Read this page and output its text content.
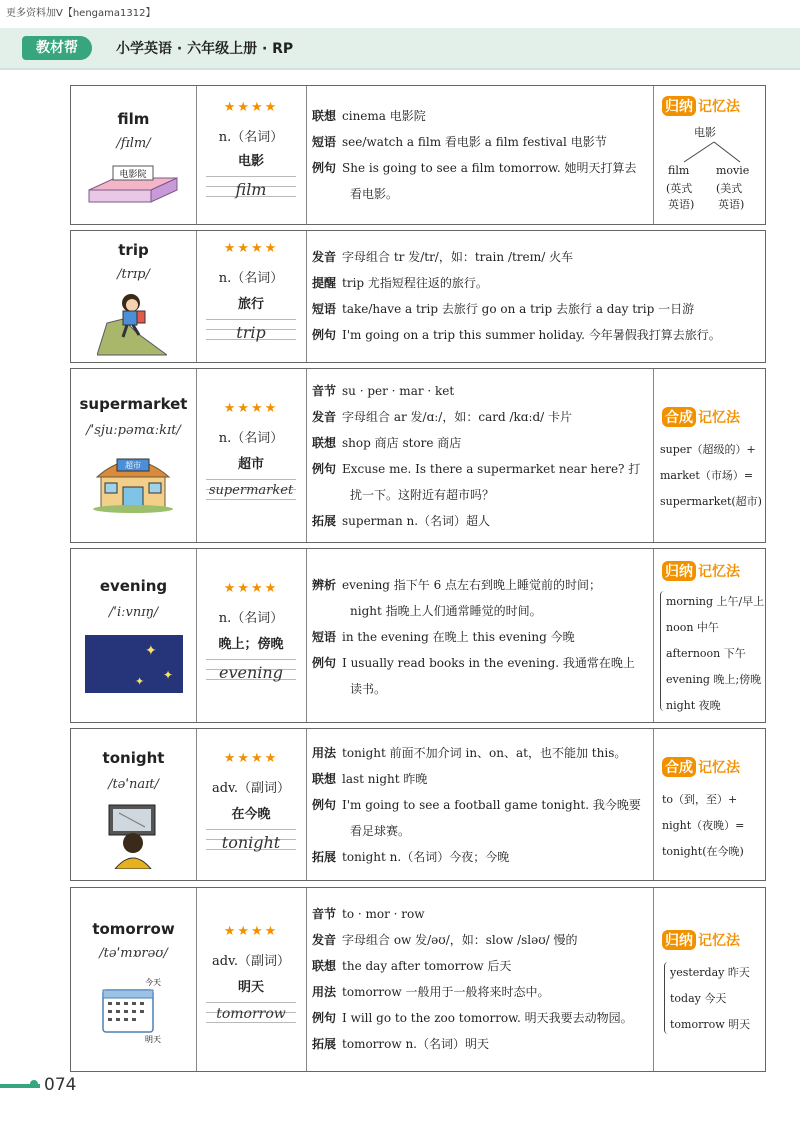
更多资料加V【hengama1312】
教材帮	小学英语 · 六年级上册 · RP
film
/fɪlm/
电影院
★★★★
n.（名词）
电影
film
联想 cinema 电影院
短语 see/watch a film 看电影 a film festival 电影节
例句 She is going to see a film tomorrow. 她明天打算去
看电影。
归纳 记忆法
电影
film movie
(英式 (美式
英语) 英语)
trip
/trɪp/
★★★★
n.（名词）
旅行
trip
发音 字母组合 tr 发/tr/，如：train /treɪn/ 火车
提醒 trip 尤指短程往返的旅行。
短语 take/have a trip 去旅行 go on a trip 去旅行 a day trip 一日游
例句 I'm going on a trip this summer holiday. 今年暑假我打算去旅行。
supermarket
/ˈsjuːpəmɑːkɪt/
超市
★★★★
n.（名词）
超市
supermarket
音节 su · per · mar · ket
发音 字母组合 ar 发/ɑː/，如：card /kɑːd/ 卡片
联想 shop 商店 store 商店
例句 Excuse me. Is there a supermarket near here? 打
扰一下。这附近有超市吗？
拓展 superman n.（名词）超人
合成 记忆法
super（超级的）+
market（市场）=
supermarket(超市)
evening
/ˈiːvnɪŋ/
✦
✦
✦
★★★★
n.（名词）
晚上；傍晚
evening
辨析 evening 指下午 6 点左右到晚上睡觉前的时间；
night 指晚上人们通常睡觉的时间。
短语 in the evening 在晚上 this evening 今晚
例句 I usually read books in the evening. 我通常在晚上
读书。
归纳 记忆法
morning 上午/早上
noon 中午
afternoon 下午
evening 晚上;傍晚
night 夜晚
tonight
/təˈnaɪt/
★★★★
adv.（副词）
在今晚
tonight
用法 tonight 前面不加介词 in、on、at，也不能加 this。
联想 last night 昨晚
例句 I'm going to see a football game tonight. 我今晚要
看足球赛。
拓展 tonight n.（名词）今夜；今晚
合成 记忆法
to（到，至）+
night（夜晚）=
tonight(在今晚)
tomorrow
/təˈmɒrəʊ/
今天
明天
★★★★
adv.（副词）
明天
tomorrow
音节 to · mor · row
发音 字母组合 ow 发/əʊ/，如：slow /sləʊ/ 慢的
联想 the day after tomorrow 后天
用法 tomorrow 一般用于一般将来时态中。
例句 I will go to the zoo tomorrow. 明天我要去动物园。
拓展 tomorrow n.（名词）明天
归纳 记忆法
yesterday 昨天
today 今天
tomorrow 明天
074
